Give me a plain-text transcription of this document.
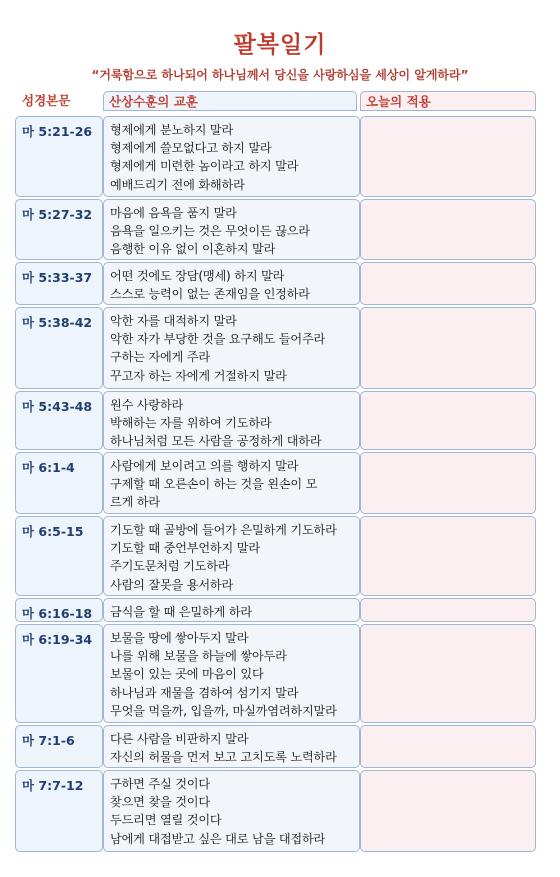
팔복일기
“거룩함으로 하나되어 하나님께서 당신을 사랑하심을 세상이 알게하라”
성경본문	산상수훈의 교훈	오늘의 적용
마 5:21-26 형제에게 분노하지 말라
형제에게 쓸모없다고 하지 말라
형제에게 미련한 놈이라고 하지 말라
예배드리기 전에 화해하라
마 5:27-32 마음에 음욕을 품지 말라
음욕을 일으키는 것은 무엇이든 끊으라
음행한 이유 없이 이혼하지 말라
마 5:33-37 어떤 것에도 장담(맹세) 하지 말라
스스로 능력이 없는 존재임을 인정하라
마 5:38-42 악한 자를 대적하지 말라
악한 자가 부당한 것을 요구해도 들어주라
구하는 자에게 주라
꾸고자 하는 자에게 거절하지 말라
마 5:43-48 원수 사랑하라
박해하는 자를 위하여 기도하라
하나님처럼 모든 사람을 공정하게 대하라
마 6:1-4	사람에게 보이려고 의를 행하지 말라
구제할 때 오른손이 하는 것을 왼손이 모
르게 하라
마 6:5-15 기도할 때 골방에 들어가 은밀하게 기도하라
기도할 때 중언부언하지 말라
주기도문처럼 기도하라
사람의 잘못을 용서하라
마 6:16-18 금식을 할 때 은밀하게 하라
마 6:19-34 보물을 땅에 쌓아두지 말라
나를 위해 보물을 하늘에 쌓아두라
보물이 있는 곳에 마음이 있다
하나님과 재물을 겸하여 섬기지 말라
무엇을 먹을까, 입을까, 마실까염려하지말라
마 7:1-6	다른 사람을 비판하지 말라
자신의 허물을 먼저 보고 고치도록 노력하라
마 7:7-12 구하면 주실 것이다
찾으면 찾을 것이다
두드리면 열릴 것이다
남에게 대접받고 싶은 대로 남을 대접하라
